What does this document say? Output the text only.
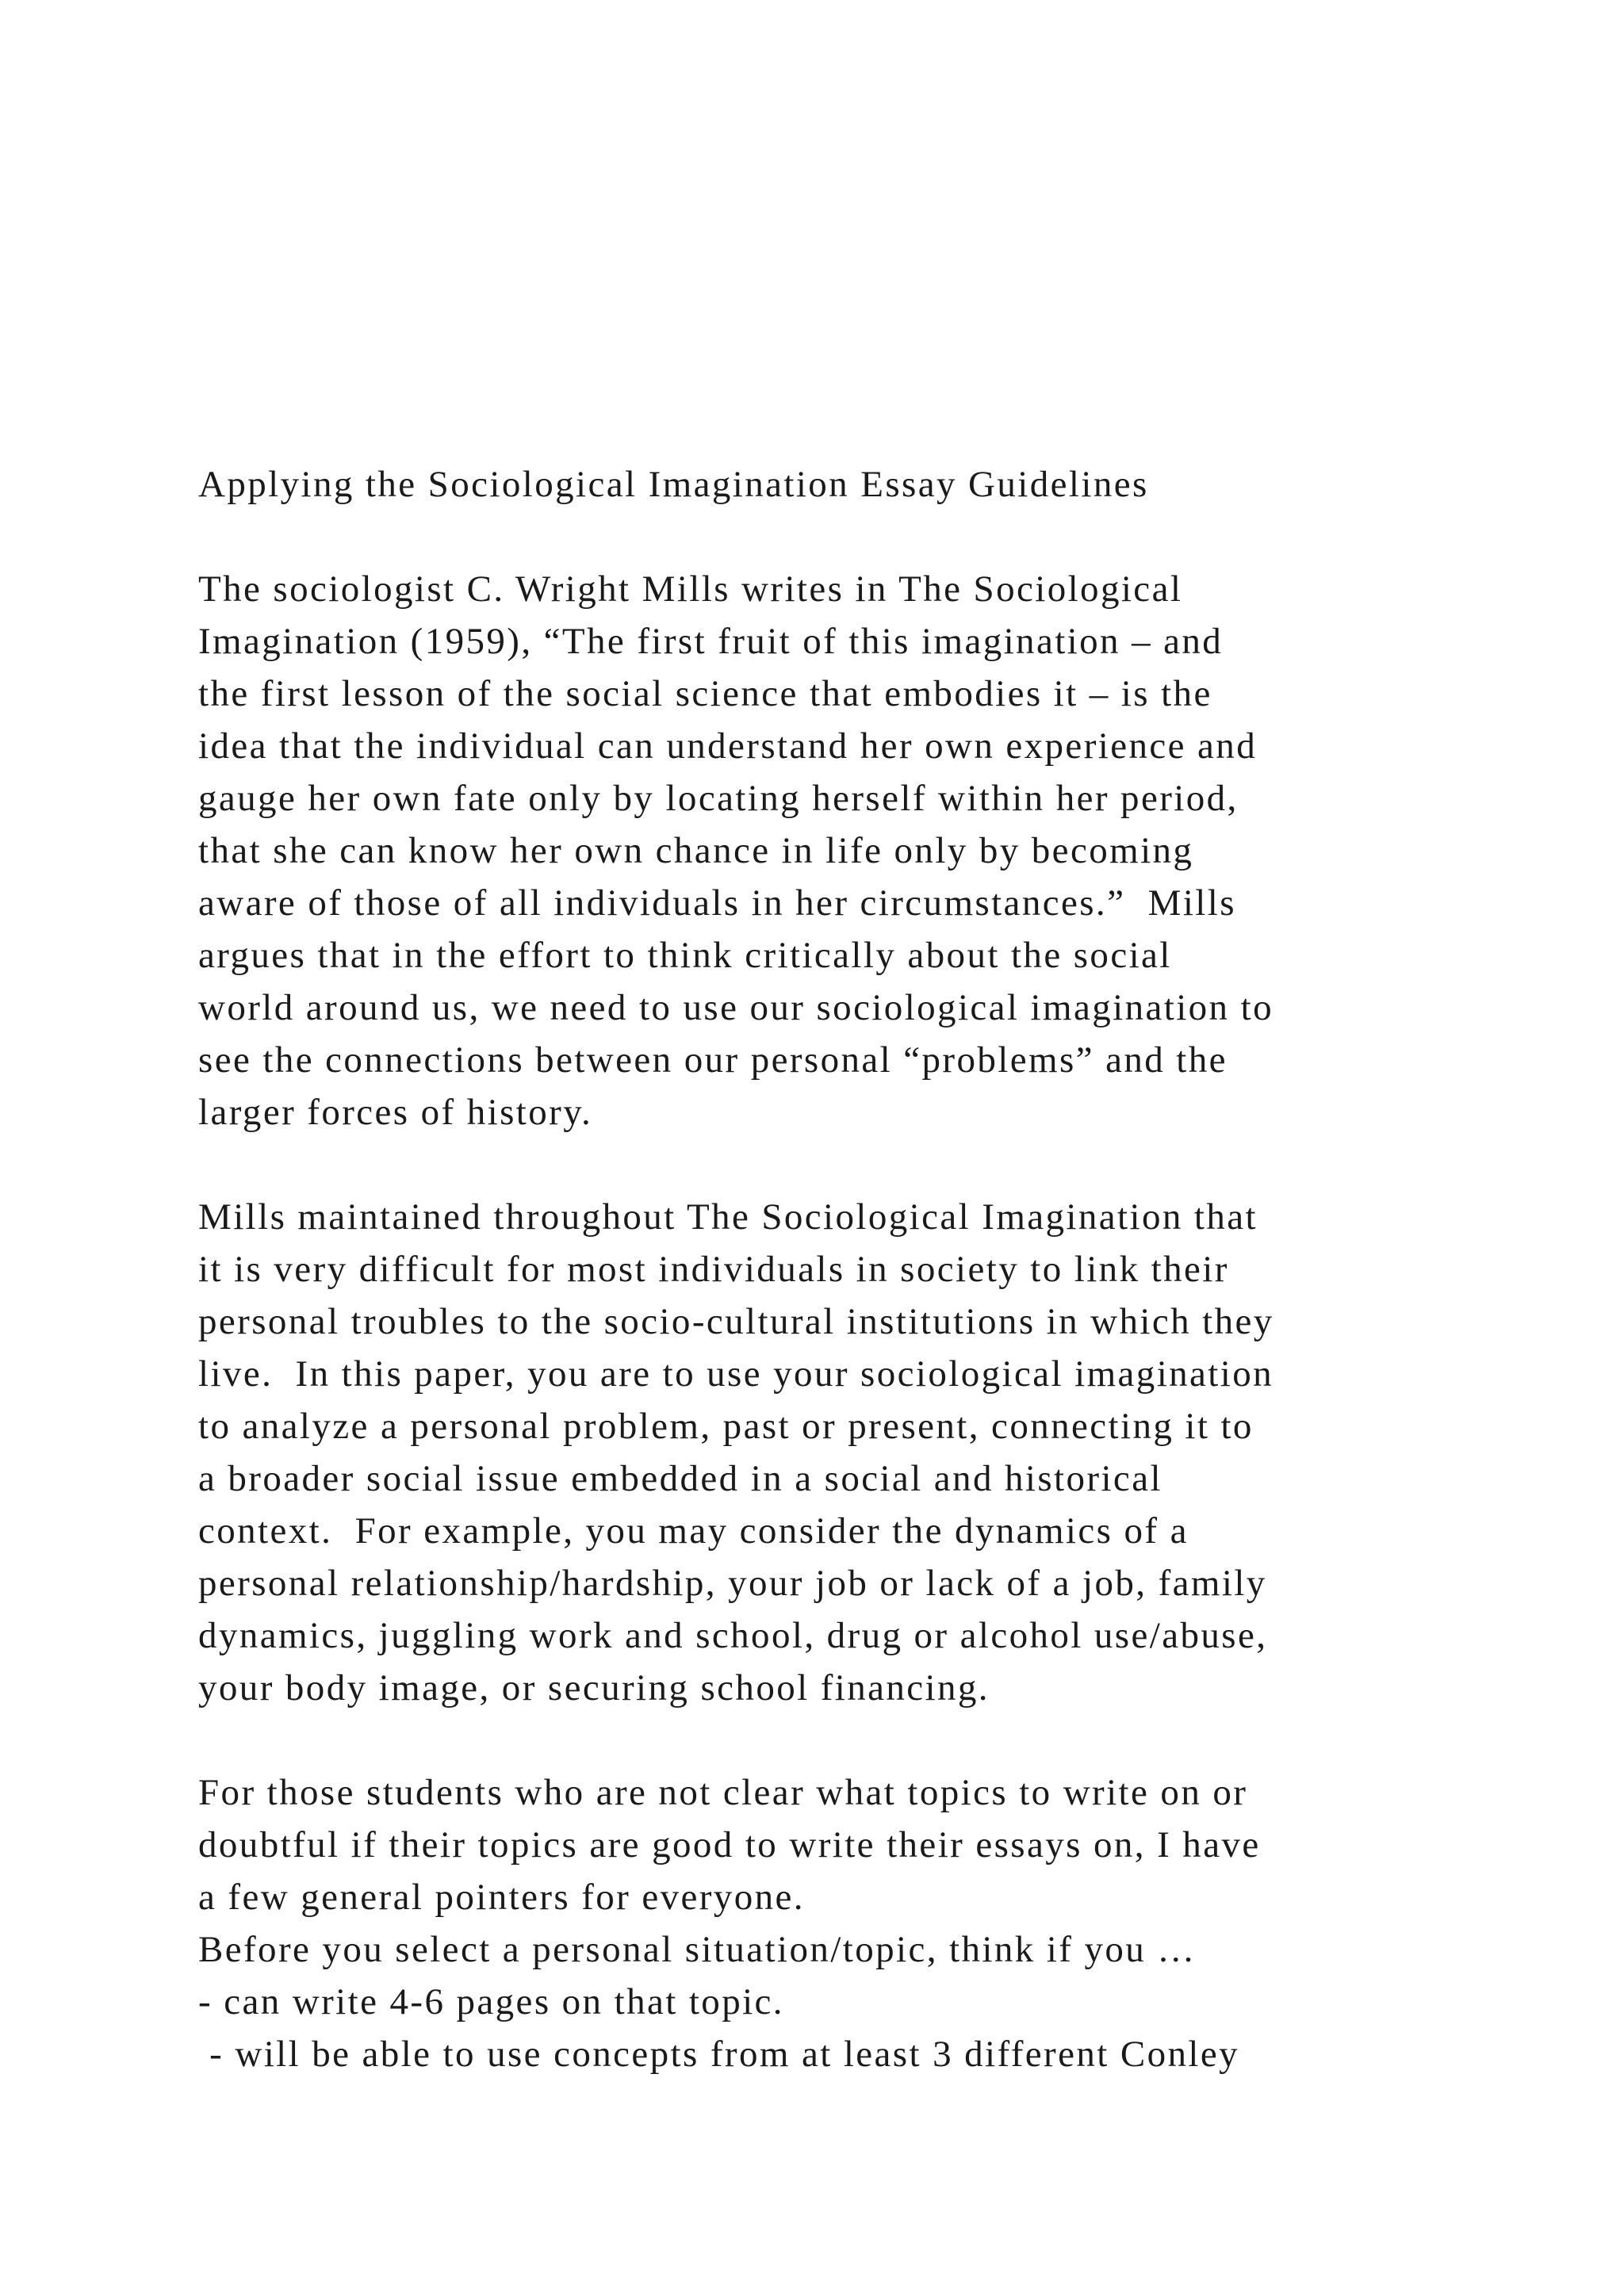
Applying the Sociological Imagination Essay Guidelines
The sociologist C. Wright Mills writes in The Sociological
Imagination (1959), “The first fruit of this imagination – and
the first lesson of the social science that embodies it – is the
idea that the individual can understand her own experience and
gauge her own fate only by locating herself within her period,
that she can know her own chance in life only by becoming
aware of those of all individuals in her circumstances.”  Mills
argues that in the effort to think critically about the social
world around us, we need to use our sociological imagination to
see the connections between our personal “problems” and the
larger forces of history.
Mills maintained throughout The Sociological Imagination that
it is very difficult for most individuals in society to link their
personal troubles to the socio-cultural institutions in which they
live.  In this paper, you are to use your sociological imagination
to analyze a personal problem, past or present, connecting it to
a broader social issue embedded in a social and historical
context.  For example, you may consider the dynamics of a
personal relationship/hardship, your job or lack of a job, family
dynamics, juggling work and school, drug or alcohol use/abuse,
your body image, or securing school financing.
For those students who are not clear what topics to write on or
doubtful if their topics are good to write their essays on, I have
a few general pointers for everyone.
Before you select a personal situation/topic, think if you …
- can write 4-6 pages on that topic.
- will be able to use concepts from at least 3 different Conley
